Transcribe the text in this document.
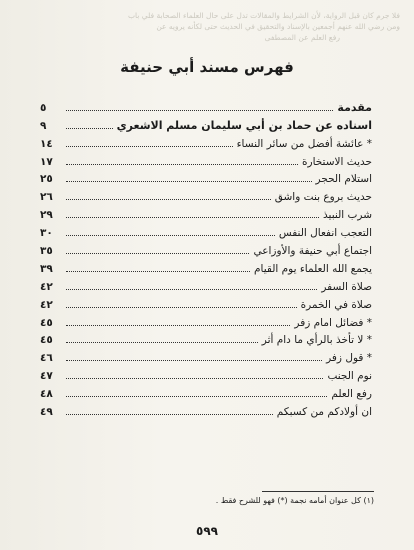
فلا جرم كان قبل الرواية، لأن الشرايط والمقالات تدل على حال العلماء الصحابة فلي باب
ومن رضي الله عنهم أجمعين بالإسناد والتحقيق في الحديث حتى لكأنه يرويه عن
رفع العلم عن المصطفى
فهرس مسند أبي حنيفة
مقدمة
٥
اسناده عن حماد بن أبي سليمان مسلم الاشعري
٩
* عائشة أفضل من سائر النساء
١٤
حديث الاستخارة
١٧
استلام الحجر
٢٥
حديث بروع بنت واشق
٢٦
شرب النبيذ
٢٩
التعجب انفعال النفس
٣٠
اجتماع أبي حنيفة والأوزاعي
٣٥
يجمع الله العلماء يوم القيام
٣٩
صلاة السفر
٤٢
صلاة في الخمرة
٤٢
* فضائل امام زفر
٤٥
* لا تأخذ بالرأي ما دام أثر
٤٥
* قول زفر
٤٦
نوم الجنب
٤٧
رفع العلم
٤٨
ان أولادكم من كسبكم
٤٩
(١) كل عنوان أمامه نجمة (*) فهو للشرح فقط .
٥٩٩
